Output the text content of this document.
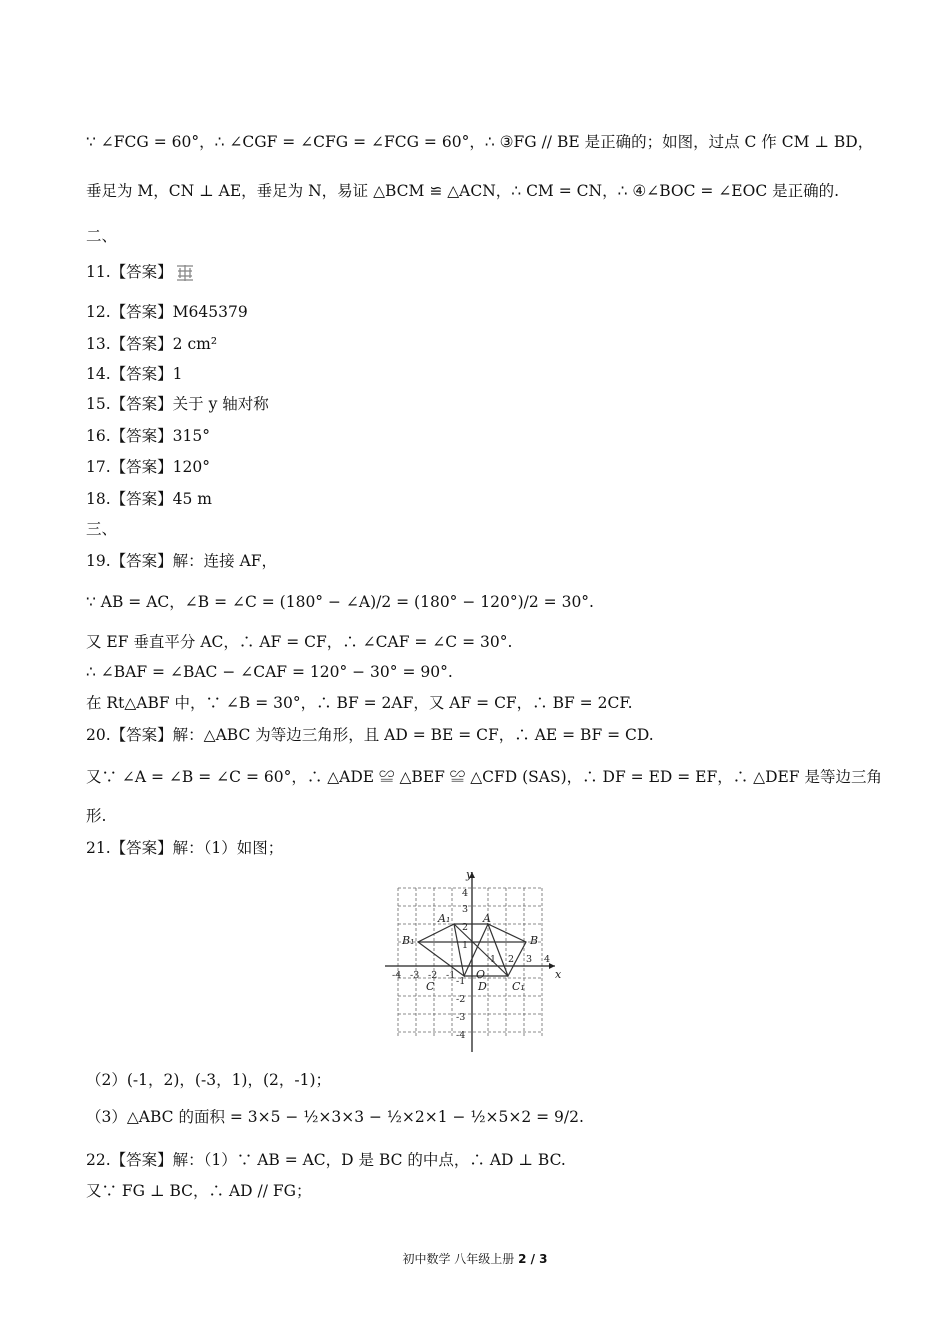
∵ ∠FCG = 60°，∴ ∠CGF = ∠CFG = ∠FCG = 60°，∴ ③FG // BE 是正确的；如图，过点 C 作 CM ⊥ BD，
垂足为 M，CN ⊥ AE，垂足为 N，易证 △BCM ≌ △ACN，∴ CM = CN，∴ ④∠BOC = ∠EOC 是正确的.
二、
11.【答案】
12.【答案】M645379
13.【答案】2 cm²
14.【答案】1
15.【答案】关于 y 轴对称
16.【答案】315°
17.【答案】120°
18.【答案】45 m
三、
19.【答案】解：连接 AF，
∵ AB = AC，∠B = ∠C = (180° − ∠A)/2 = (180° − 120°)/2 = 30°.
又 EF 垂直平分 AC，∴ AF = CF，∴ ∠CAF = ∠C = 30°.
∴ ∠BAF = ∠BAC − ∠CAF = 120° − 30° = 90°.
在 Rt△ABF 中，∵ ∠B = 30°，∴ BF = 2AF，又 AF = CF，∴ BF = 2CF.
20.【答案】解：△ABC 为等边三角形，且 AD = BE = CF，∴ AE = BF = CD.
又∵ ∠A = ∠B = ∠C = 60°，∴ △ADE ≌ △BEF ≌ △CFD (SAS)，∴ DF = ED = EF，∴ △DEF 是等边三角
形.
21.【答案】解：（1）如图；
y
x
O
A₁	A
B₁	B
C₁
C	D
-4 -3 -2 -1
1 2 3 4
4
3
2
1
-1
-2
-3
-4
（2）(-1，2)，(-3，1)，(2，-1)；
（3）△ABC 的面积 = 3×5 − ½×3×3 − ½×2×1 − ½×5×2 = 9/2.
22.【答案】解：（1）∵ AB = AC，D 是 BC 的中点，∴ AD ⊥ BC.
又∵ FG ⊥ BC，∴ AD // FG；
初中数学 八年级上册 2 / 3
